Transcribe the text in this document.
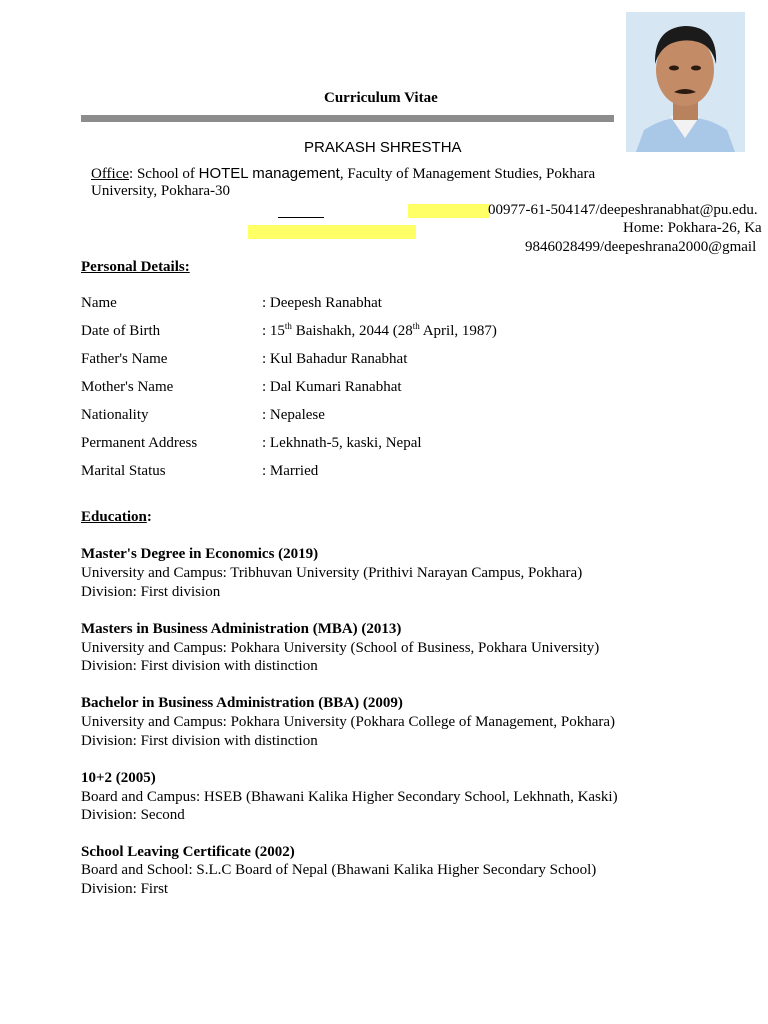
Curriculum Vitae
PRAKASH SHRESTHA
Office: School of HOTEL management, Faculty of Management Studies, Pokhara
University, Pokhara-30
00977-61-504147/deepeshranabhat@pu.edu.
Home: Pokhara-26, Ka
9846028499/deepeshrana2000@gmail
Personal Details:
Name	: Deepesh Ranabhat
Date of Birth	: 15th Baishakh, 2044 (28th April, 1987)
Father's Name	: Kul Bahadur Ranabhat
Mother's Name	: Dal Kumari Ranabhat
Nationality	: Nepalese
Permanent Address	: Lekhnath-5, kaski, Nepal
Marital Status	: Married
Education:
Master's Degree in Economics (2019)
University and Campus: Tribhuvan University (Prithivi Narayan Campus, Pokhara)
Division: First division
Masters in Business Administration (MBA) (2013)
University and Campus: Pokhara University (School of Business, Pokhara University)
Division: First division with distinction
Bachelor in Business Administration (BBA) (2009)
University and Campus: Pokhara University (Pokhara College of Management, Pokhara)
Division: First division with distinction
10+2 (2005)
Board and Campus: HSEB (Bhawani Kalika Higher Secondary School, Lekhnath, Kaski)
Division: Second
School Leaving Certificate (2002)
Board and School: S.L.C Board of Nepal (Bhawani Kalika Higher Secondary School)
Division: First
